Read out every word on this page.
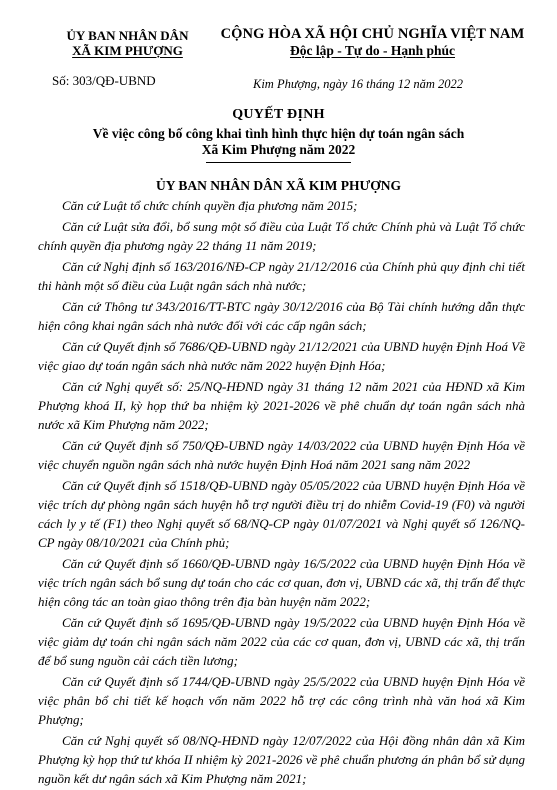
ỦY BAN NHÂN DÂN
XÃ KIM PHƯỢNG
CỘNG HÒA XÃ HỘI CHỦ NGHĨA VIỆT NAM
Độc lập - Tự do - Hạnh phúc
Số: 303/QĐ-UBND	Kim Phượng, ngày 16 tháng 12 năm 2022
QUYẾT ĐỊNH
Về việc công bố công khai tình hình thực hiện dự toán ngân sách
Xã Kim Phượng năm 2022
ỦY BAN NHÂN DÂN XÃ KIM PHƯỢNG

Căn cứ Luật tổ chức chính quyền địa phương năm 2015;

Căn cứ Luật sửa đổi, bổ sung một số điều của Luật Tổ chức Chính phủ và Luật Tổ chức chính quyền địa phương ngày 22 tháng 11 năm 2019;

Căn cứ Nghị định số 163/2016/NĐ-CP ngày 21/12/2016 của Chính phủ quy định chi tiết thi hành một số điều của Luật ngân sách nhà nước;

Căn cứ Thông tư 343/2016/TT-BTC ngày 30/12/2016 của Bộ Tài chính hướng dẫn thực hiện công khai ngân sách nhà nước đối với các cấp ngân sách;

Căn cứ Quyết định số 7686/QĐ-UBND ngày 21/12/2021 của UBND huyện Định Hoá Về việc giao dự toán ngân sách nhà nước năm 2022 huyện Định Hóa;

Căn cứ Nghị quyết số: 25/NQ-HĐND ngày 31 tháng 12 năm 2021 của HĐND xã Kim Phượng khoá II, kỳ họp thứ ba nhiệm kỳ 2021-2026 về phê chuẩn dự toán ngân sách nhà nước xã Kim Phượng năm 2022;

Căn cứ Quyết định số 750/QĐ-UBND ngày 14/03/2022 của UBND huyện Định Hóa về việc chuyển nguồn ngân sách nhà nước huyện Định Hoá năm 2021 sang năm 2022

Căn cứ Quyết định số 1518/QĐ-UBND ngày 05/05/2022 của UBND huyện Định Hóa về việc trích dự phòng ngân sách huyện hỗ trợ người điều trị do nhiễm Covid-19 (F0) và người cách ly y tế (F1) theo Nghị quyết số 68/NQ-CP ngày 01/07/2021 và Nghị quyết số 126/NQ-CP ngày 08/10/2021 của Chính phủ;

Căn cứ Quyết định số 1660/QĐ-UBND ngày 16/5/2022 của UBND huyện Định Hóa về việc trích ngân sách bổ sung dự toán cho các cơ quan, đơn vị, UBND các xã, thị trấn để thực hiện công tác an toàn giao thông trên địa bàn huyện năm 2022;

Căn cứ Quyết định số 1695/QĐ-UBND ngày 19/5/2022 của UBND huyện Định Hóa về việc giảm dự toán chi ngân sách năm 2022 của các cơ quan, đơn vị, UBND các xã, thị trấn để bổ sung nguồn cải cách tiền lương;

Căn cứ Quyết định số 1744/QĐ-UBND ngày 25/5/2022 của UBND huyện Định Hóa về việc phân bổ chi tiết kế hoạch vốn năm 2022 hỗ trợ các công trình nhà văn hoá xã Kim Phượng;

Căn cứ Nghị quyết số 08/NQ-HĐND ngày 12/07/2022 của Hội đồng nhân dân xã Kim Phượng kỳ họp thứ tư khóa II nhiệm kỳ 2021-2026 về phê chuẩn phương án phân bổ sử dụng nguồn kết dư ngân sách xã Kim Phượng năm 2021;
